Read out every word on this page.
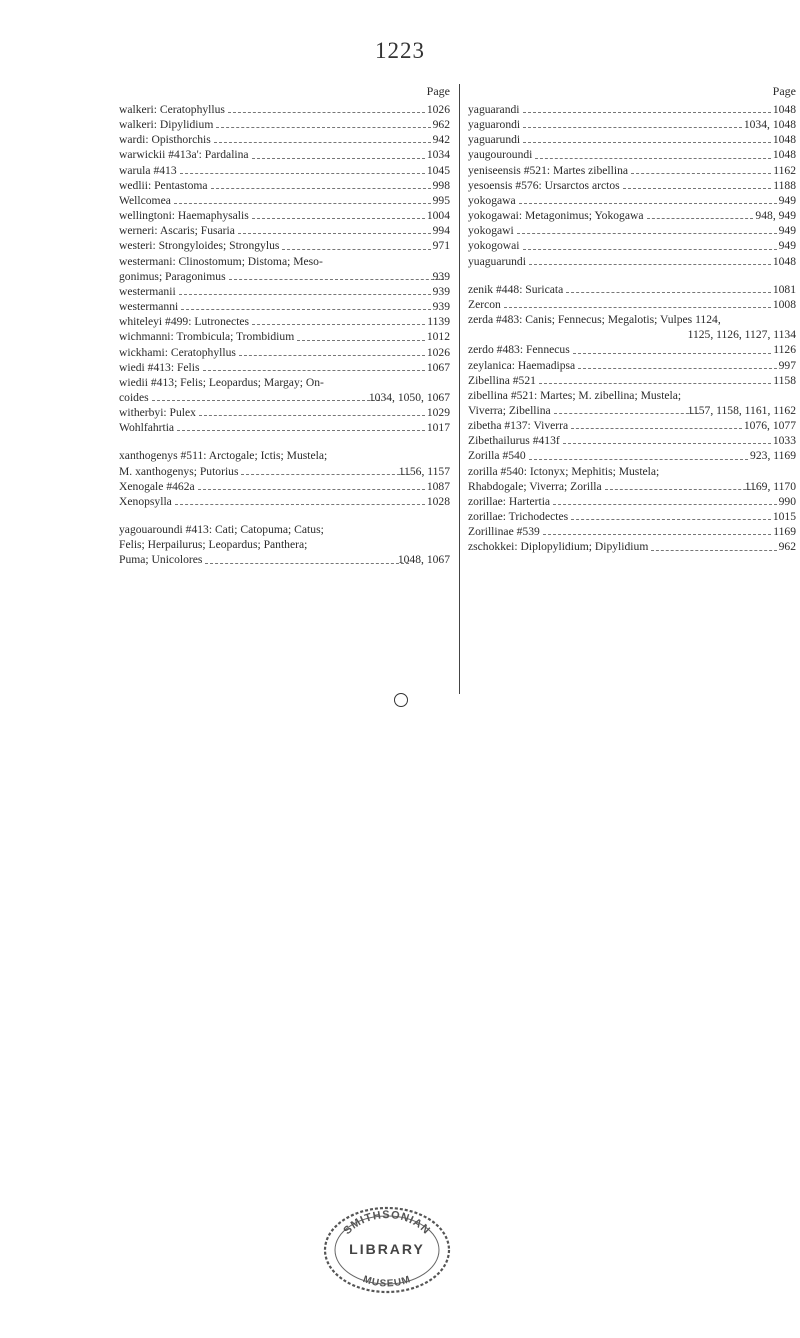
1223
Page
walkeri: Ceratophyllus	1026
walkeri: Dipylidium	962
wardi: Opisthorchis	942
warwickii #413a': Pardalina	1034
warula #413	1045
wedlii: Pentastoma	998
Wellcomea	995
wellingtoni: Haemaphysalis	1004
werneri: Ascaris; Fusaria	994
westeri: Strongyloides; Strongylus	971
westermani: Clinostomum; Distoma; Meso-
gonimus; Paragonimus	939
westermanii	939
westermanni	939
whiteleyi #499: Lutronectes	1139
wichmanni: Trombicula; Trombidium	1012
wickhami: Ceratophyllus	1026
wiedi #413: Felis	1067
wiedii #413; Felis; Leopardus; Margay; On-
coides	1034, 1050, 1067
witherbyi: Pulex	1029
Wohlfahrtia	1017
xanthogenys #511: Arctogale; Ictis; Mustela;
M. xanthogenys; Putorius	1156, 1157
Xenogale #462a	1087
Xenopsylla	1028
yagouaroundi #413: Cati; Catopuma; Catus;
Felis; Herpailurus; Leopardus; Panthera;
Puma; Unicolores	1048, 1067
Page
yaguarandi	1048
yaguarondi	1034, 1048
yaguarundi	1048
yaugouroundi	1048
yeniseensis #521: Martes zibellina	1162
yesoensis #576: Ursarctos arctos	1188
yokogawa	949
yokogawai: Metagonimus; Yokogawa	948, 949
yokogawi	949
yokogowai	949
yuaguarundi	1048
zenik #448: Suricata	1081
Zercon	1008
zerda #483: Canis; Fennecus; Megalotis; Vulpes 1124,
1125, 1126, 1127, 1134
zerdo #483: Fennecus	1126
zeylanica: Haemadipsa	997
Zibellina #521	1158
zibellina #521: Martes; M. zibellina; Mustela;
Viverra; Zibellina	1157, 1158, 1161, 1162
zibetha #137: Viverra	1076, 1077
Zibethailurus #413f	1033
Zorilla #540	923, 1169
zorilla #540: Ictonyx; Mephitis; Mustela;
Rhabdogale; Viverra; Zorilla	1169, 1170
zorillae: Hartertia	990
zorillae: Trichodectes	1015
Zorillinae #539	1169
zschokkei: Diplopylidium; Dipylidium	962
SMITHSONIAN
LIBRARY
MUSEUM
